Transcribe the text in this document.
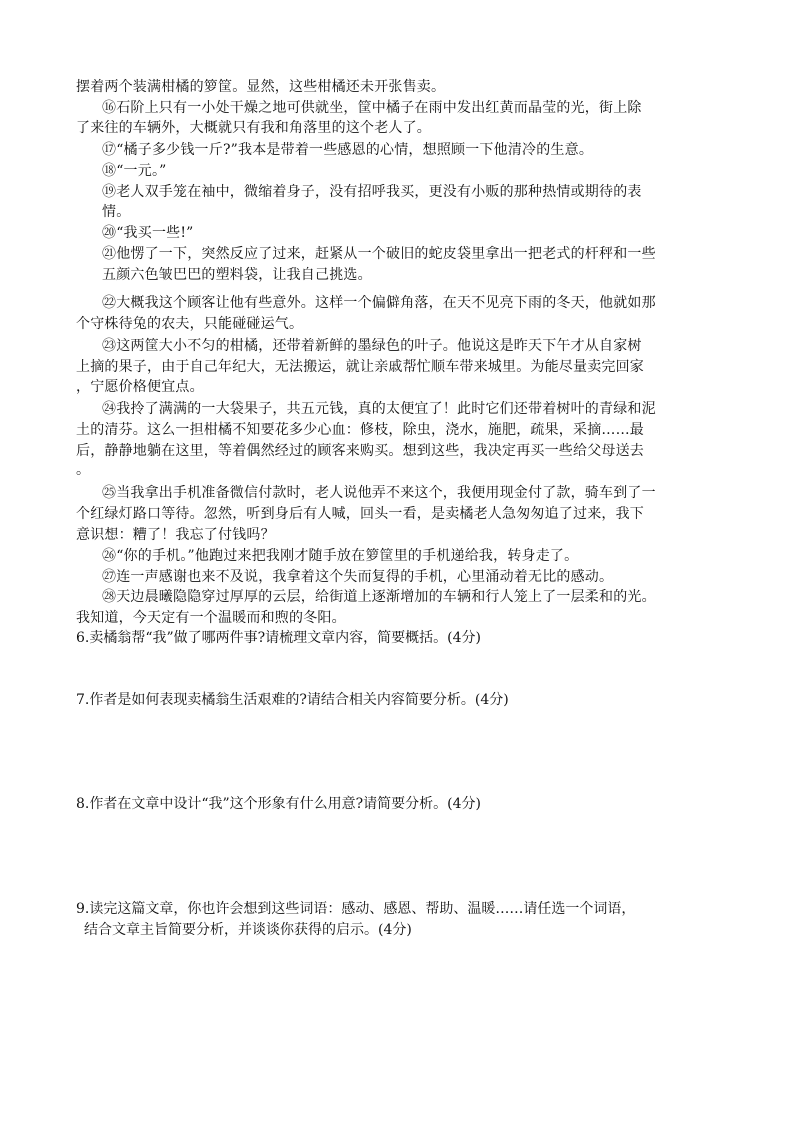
摆着两个装满柑橘的箩筐。显然，这些柑橘还未开张售卖。
⑯石阶上只有一小处干燥之地可供就坐，筐中橘子在雨中发出红黄而晶莹的光，街上除
了来往的车辆外，大概就只有我和角落里的这个老人了。
⑰“橘子多少钱一斤?”我本是带着一些感恩的心情，想照顾一下他清冷的生意。
⑱“一元。”
⑲老人双手笼在袖中，微缩着身子，没有招呼我买，更没有小贩的那种热情或期待的表
情。
⑳“我买一些!”
㉑他愣了一下，突然反应了过来，赶紧从一个破旧的蛇皮袋里拿出一把老式的杆秤和一些
五颜六色皱巴巴的塑料袋，让我自己挑选。
㉒大概我这个顾客让他有些意外。这样一个偏僻角落，在天不见亮下雨的冬天，他就如那
个守株待兔的农夫，只能碰碰运气。
㉓这两筐大小不匀的柑橘，还带着新鲜的墨绿色的叶子。他说这是昨天下午才从自家树
上摘的果子，由于自己年纪大，无法搬运，就让亲戚帮忙顺车带来城里。为能尽量卖完回家
，宁愿价格便宜点。
㉔我拎了满满的一大袋果子，共五元钱，真的太便宜了！此时它们还带着树叶的青绿和泥
土的清芬。这么一担柑橘不知要花多少心血：修枝，除虫，浇水，施肥，疏果，采摘……最
后，静静地躺在这里，等着偶然经过的顾客来购买。想到这些，我决定再买一些给父母送去
。
㉕当我拿出手机准备微信付款时，老人说他弄不来这个，我便用现金付了款，骑车到了一
个红绿灯路口等待。忽然，听到身后有人喊，回头一看，是卖橘老人急匆匆追了过来，我下
意识想：糟了！我忘了付钱吗？
㉖“你的手机。”他跑过来把我刚才随手放在箩筐里的手机递给我，转身走了。
㉗连一声感谢也来不及说，我拿着这个失而复得的手机，心里涌动着无比的感动。
㉘天边晨曦隐隐穿过厚厚的云层，给街道上逐渐增加的车辆和行人笼上了一层柔和的光。
我知道，今天定有一个温暖而和煦的冬阳。
6.卖橘翁帮“我”做了哪两件事?请梳理文章内容，简要概括。(4分)
7.作者是如何表现卖橘翁生活艰难的?请结合相关内容简要分析。(4分)
8.作者在文章中设计“我”这个形象有什么用意?请简要分析。(4分)
9.读完这篇文章，你也许会想到这些词语：感动、感恩、帮助、温暖……请任选一个词语，
结合文章主旨简要分析，并谈谈你获得的启示。(4分)
